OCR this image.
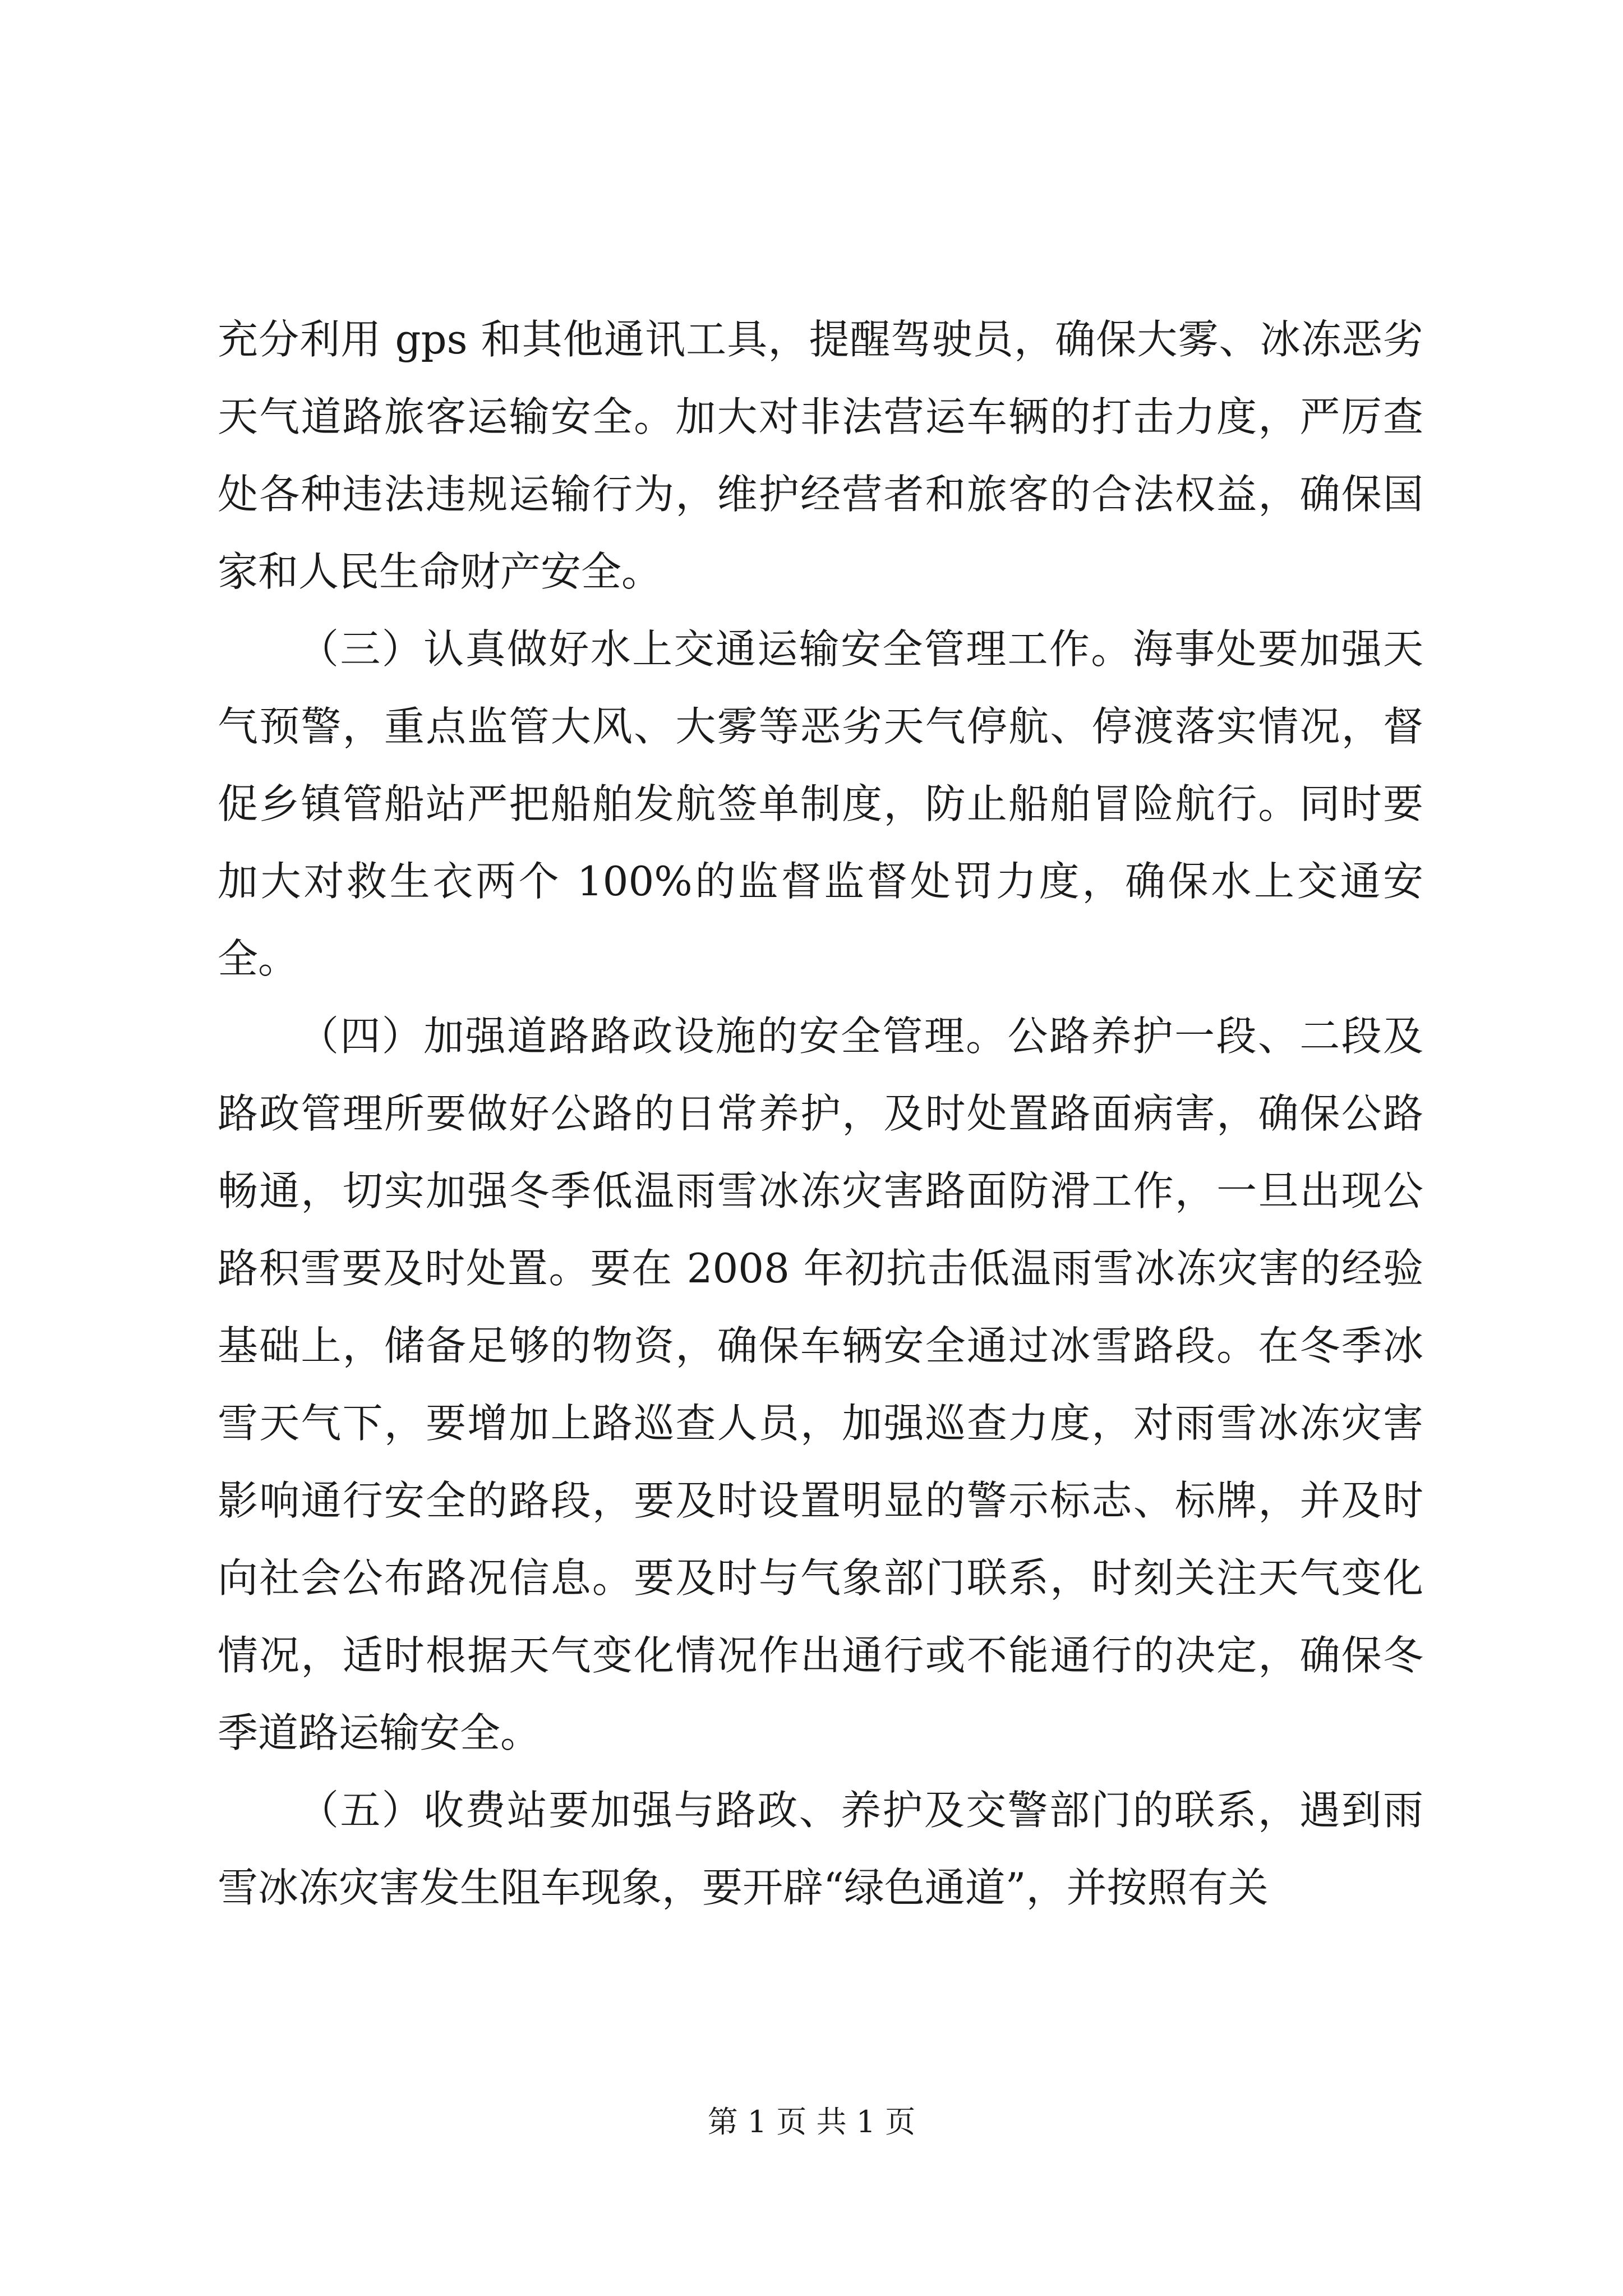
充分利用 gps 和其他通讯工具，提醒驾驶员，确保大雾、冰冻恶劣天气道路旅客运输安全。加大对非法营运车辆的打击力度，严厉查处各种违法违规运输行为，维护经营者和旅客的合法权益，确保国家和人民生命财产安全。

（三）认真做好水上交通运输安全管理工作。海事处要加强天气预警，重点监管大风、大雾等恶劣天气停航、停渡落实情况，督促乡镇管船站严把船舶发航签单制度，防止船舶冒险航行。同时要加大对救生衣两个 100%的监督监督处罚力度，确保水上交通安全。

（四）加强道路路政设施的安全管理。公路养护一段、二段及路政管理所要做好公路的日常养护，及时处置路面病害，确保公路畅通，切实加强冬季低温雨雪冰冻灾害路面防滑工作，一旦出现公路积雪要及时处置。要在 2008 年初抗击低温雨雪冰冻灾害的经验基础上，储备足够的物资，确保车辆安全通过冰雪路段。在冬季冰雪天气下，要增加上路巡查人员，加强巡查力度，对雨雪冰冻灾害影响通行安全的路段，要及时设置明显的警示标志、标牌，并及时向社会公布路况信息。要及时与气象部门联系，时刻关注天气变化情况，适时根据天气变化情况作出通行或不能通行的决定，确保冬季道路运输安全。

（五）收费站要加强与路政、养护及交警部门的联系，遇到雨雪冰冻灾害发生阻车现象，要开辟“绿色通道”，并按照有关

第 1 页 共 1 页
